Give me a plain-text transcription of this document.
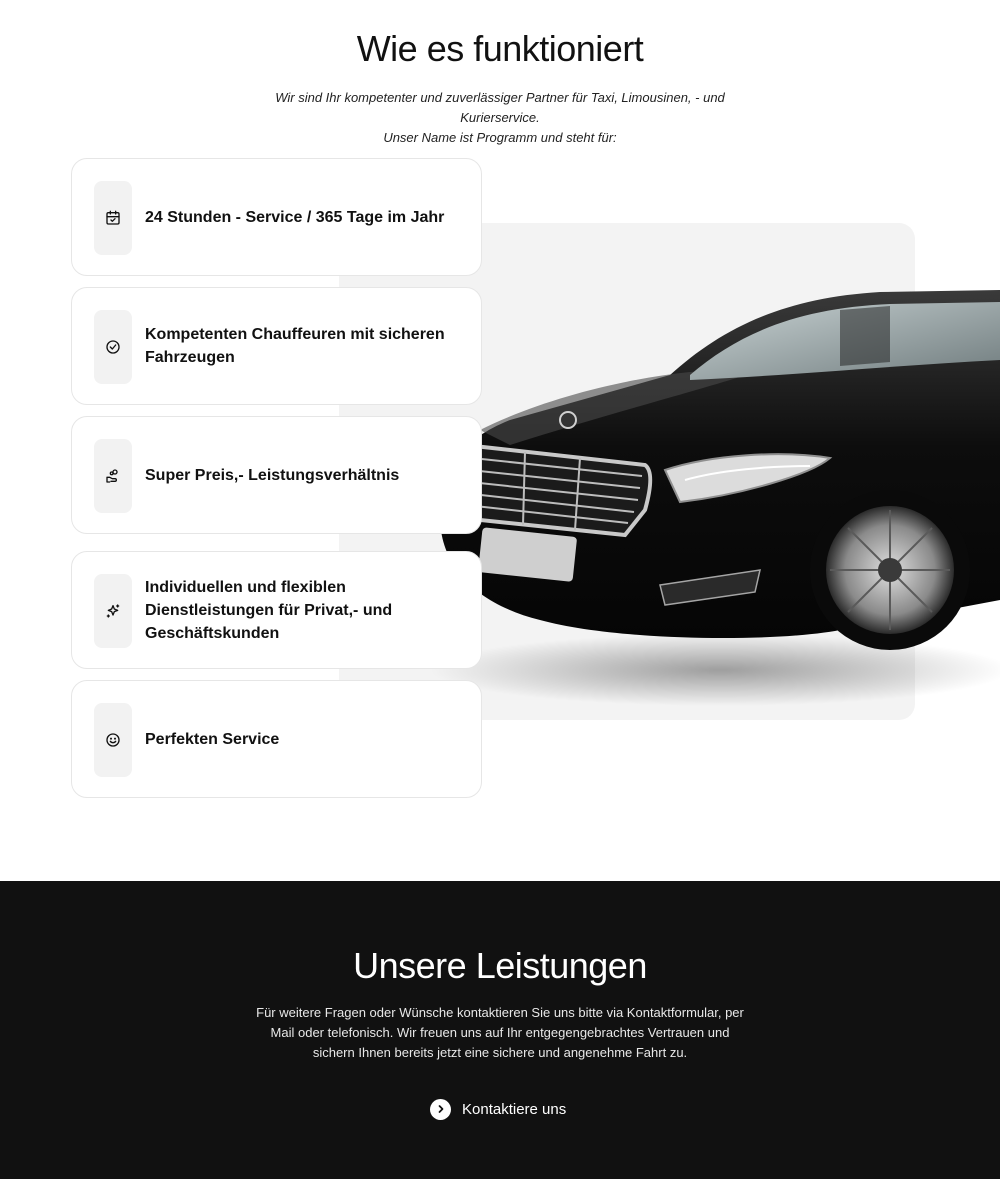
Wie es funktioniert

Wir sind Ihr kompetenter und zuverlässiger Partner für Taxi, Limousinen, - und Kurierservice.
Unser Name ist Programm und steht für:

24 Stunden - Service / 365 Tage im Jahr
Kompetenten Chauffeuren mit sicheren Fahrzeugen
Super Preis,- Leistungsverhältnis
Individuellen und flexiblen Dienstleistungen für Privat,- und Geschäftskunden
Perfekten Service
Unsere Leistungen

Für weitere Fragen oder Wünsche kontaktieren Sie uns bitte via Kontaktformular, per Mail oder telefonisch. Wir freuen uns auf Ihr entgegengebrachtes Vertrauen und sichern Ihnen bereits jetzt eine sichere und angenehme Fahrt zu.

Kontaktiere uns
